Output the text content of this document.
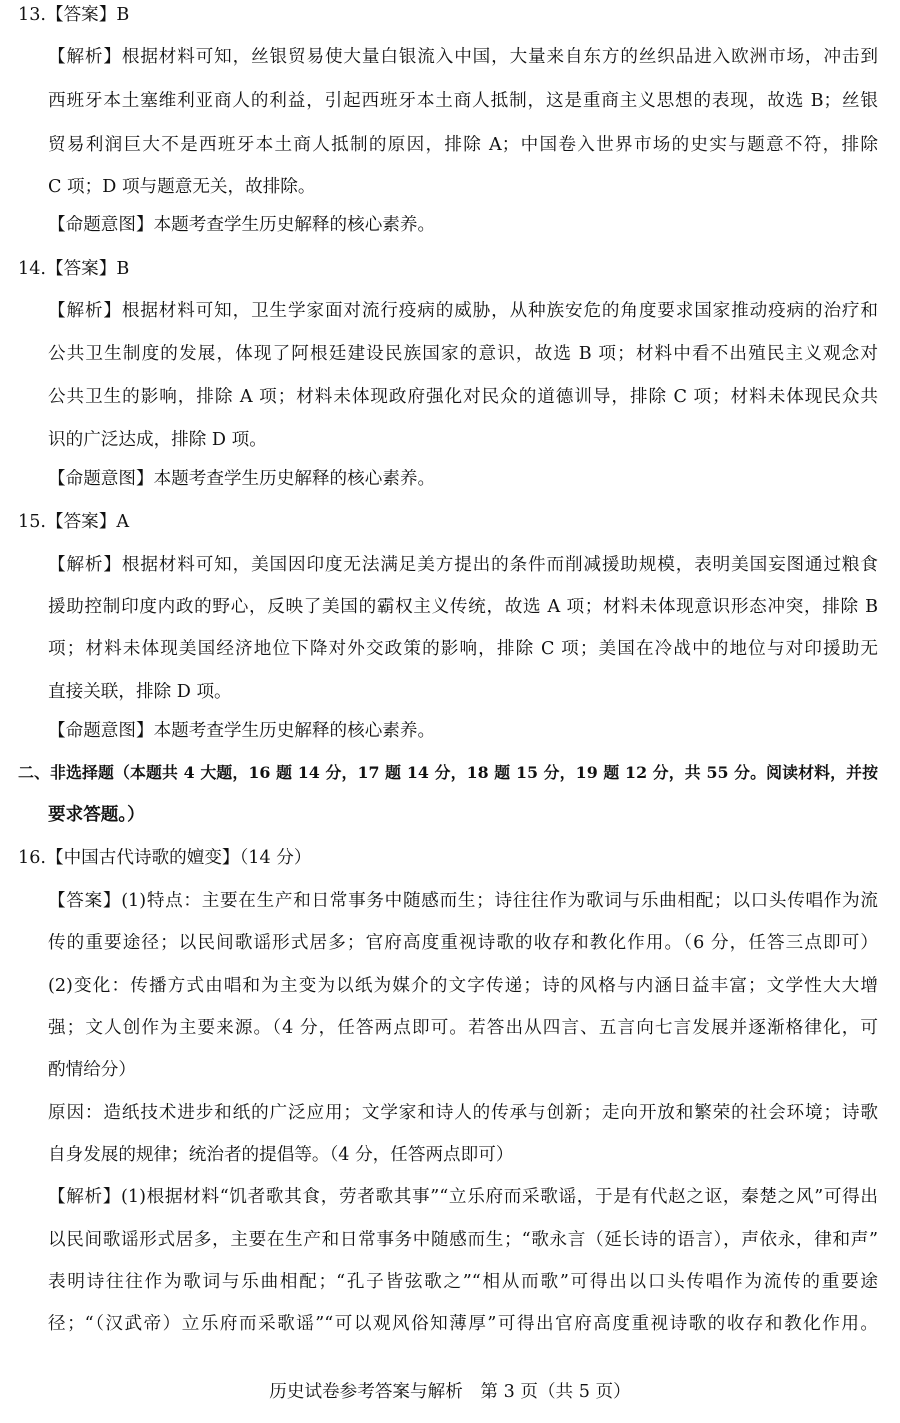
13.【答案】B
【解析】根据材料可知，丝银贸易使大量白银流入中国，大量来自东方的丝织品进入欧洲市场，冲击到
西班牙本土塞维利亚商人的利益，引起西班牙本土商人抵制，这是重商主义思想的表现，故选 B；丝银
贸易利润巨大不是西班牙本土商人抵制的原因，排除 A；中国卷入世界市场的史实与题意不符，排除
C 项；D 项与题意无关，故排除。
【命题意图】本题考查学生历史解释的核心素养。
14.【答案】B
【解析】根据材料可知，卫生学家面对流行疫病的威胁，从种族安危的角度要求国家推动疫病的治疗和
公共卫生制度的发展，体现了阿根廷建设民族国家的意识，故选 B 项；材料中看不出殖民主义观念对
公共卫生的影响，排除 A 项；材料未体现政府强化对民众的道德训导，排除 C 项；材料未体现民众共
识的广泛达成，排除 D 项。
【命题意图】本题考查学生历史解释的核心素养。
15.【答案】A
【解析】根据材料可知，美国因印度无法满足美方提出的条件而削减援助规模，表明美国妄图通过粮食
援助控制印度内政的野心，反映了美国的霸权主义传统，故选 A 项；材料未体现意识形态冲突，排除 B
项；材料未体现美国经济地位下降对外交政策的影响，排除 C 项；美国在冷战中的地位与对印援助无
直接关联，排除 D 项。
【命题意图】本题考查学生历史解释的核心素养。
二、非选择题（本题共 4 大题，16 题 14 分，17 题 14 分，18 题 15 分，19 题 12 分，共 55 分。阅读材料，并按
要求答题。）
16.【中国古代诗歌的嬗变】（14 分）
【答案】(1)特点：主要在生产和日常事务中随感而生；诗往往作为歌词与乐曲相配；以口头传唱作为流
传的重要途径；以民间歌谣形式居多；官府高度重视诗歌的收存和教化作用。（6 分，任答三点即可）
(2)变化：传播方式由唱和为主变为以纸为媒介的文字传递；诗的风格与内涵日益丰富；文学性大大增
强；文人创作为主要来源。（4 分，任答两点即可。若答出从四言、五言向七言发展并逐渐格律化，可
酌情给分）
原因：造纸技术进步和纸的广泛应用；文学家和诗人的传承与创新；走向开放和繁荣的社会环境；诗歌
自身发展的规律；统治者的提倡等。（4 分，任答两点即可）
【解析】(1)根据材料“饥者歌其食，劳者歌其事”“立乐府而采歌谣，于是有代赵之讴，秦楚之风”可得出
以民间歌谣形式居多，主要在生产和日常事务中随感而生；“歌永言（延长诗的语言），声依永，律和声”
表明诗往往作为歌词与乐曲相配；“孔子皆弦歌之”“相从而歌”可得出以口头传唱作为流传的重要途
径；“（汉武帝）立乐府而采歌谣”“可以观风俗知薄厚”可得出官府高度重视诗歌的收存和教化作用。
历史试卷参考答案与解析　第 3 页（共 5 页）
